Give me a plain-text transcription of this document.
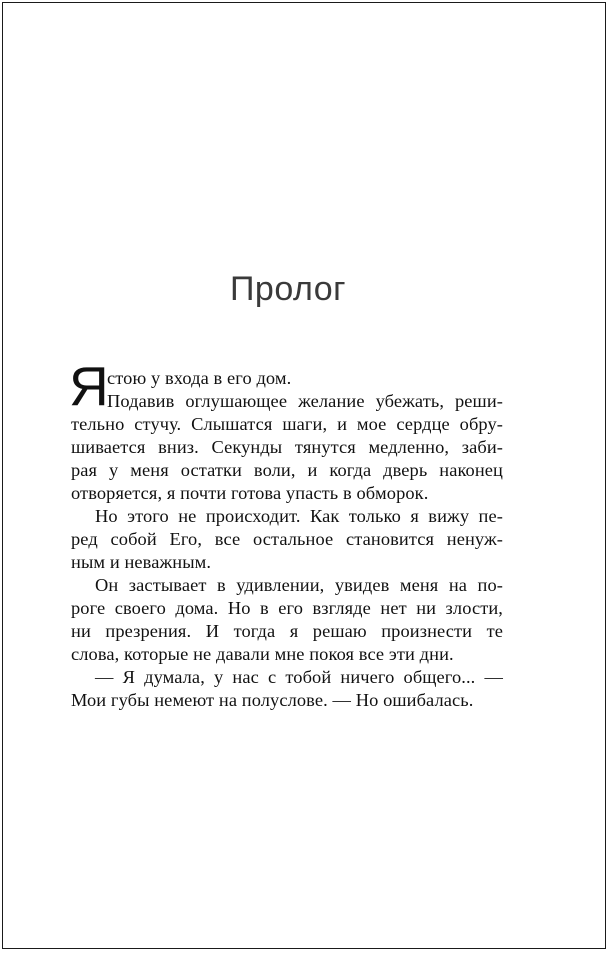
Пролог
Я
стою у входа в его дом.
Подавив оглушающее желание убежать, реши-
тельно стучу. Слышатся шаги, и мое сердце обру-
шивается вниз. Секунды тянутся медленно, заби-
рая у меня остатки воли, и когда дверь наконец
отворяется, я почти готова упасть в обморок.
Но этого не происходит. Как только я вижу пе-
ред собой Его, все остальное становится ненуж-
ным и неважным.
Он застывает в удивлении, увидев меня на по-
роге своего дома. Но в его взгляде нет ни злости,
ни презрения. И тогда я решаю произнести те
слова, которые не давали мне покоя все эти дни.
— Я думала, у нас с тобой ничего общего... —
Мои губы немеют на полуслове. — Но ошибалась.
